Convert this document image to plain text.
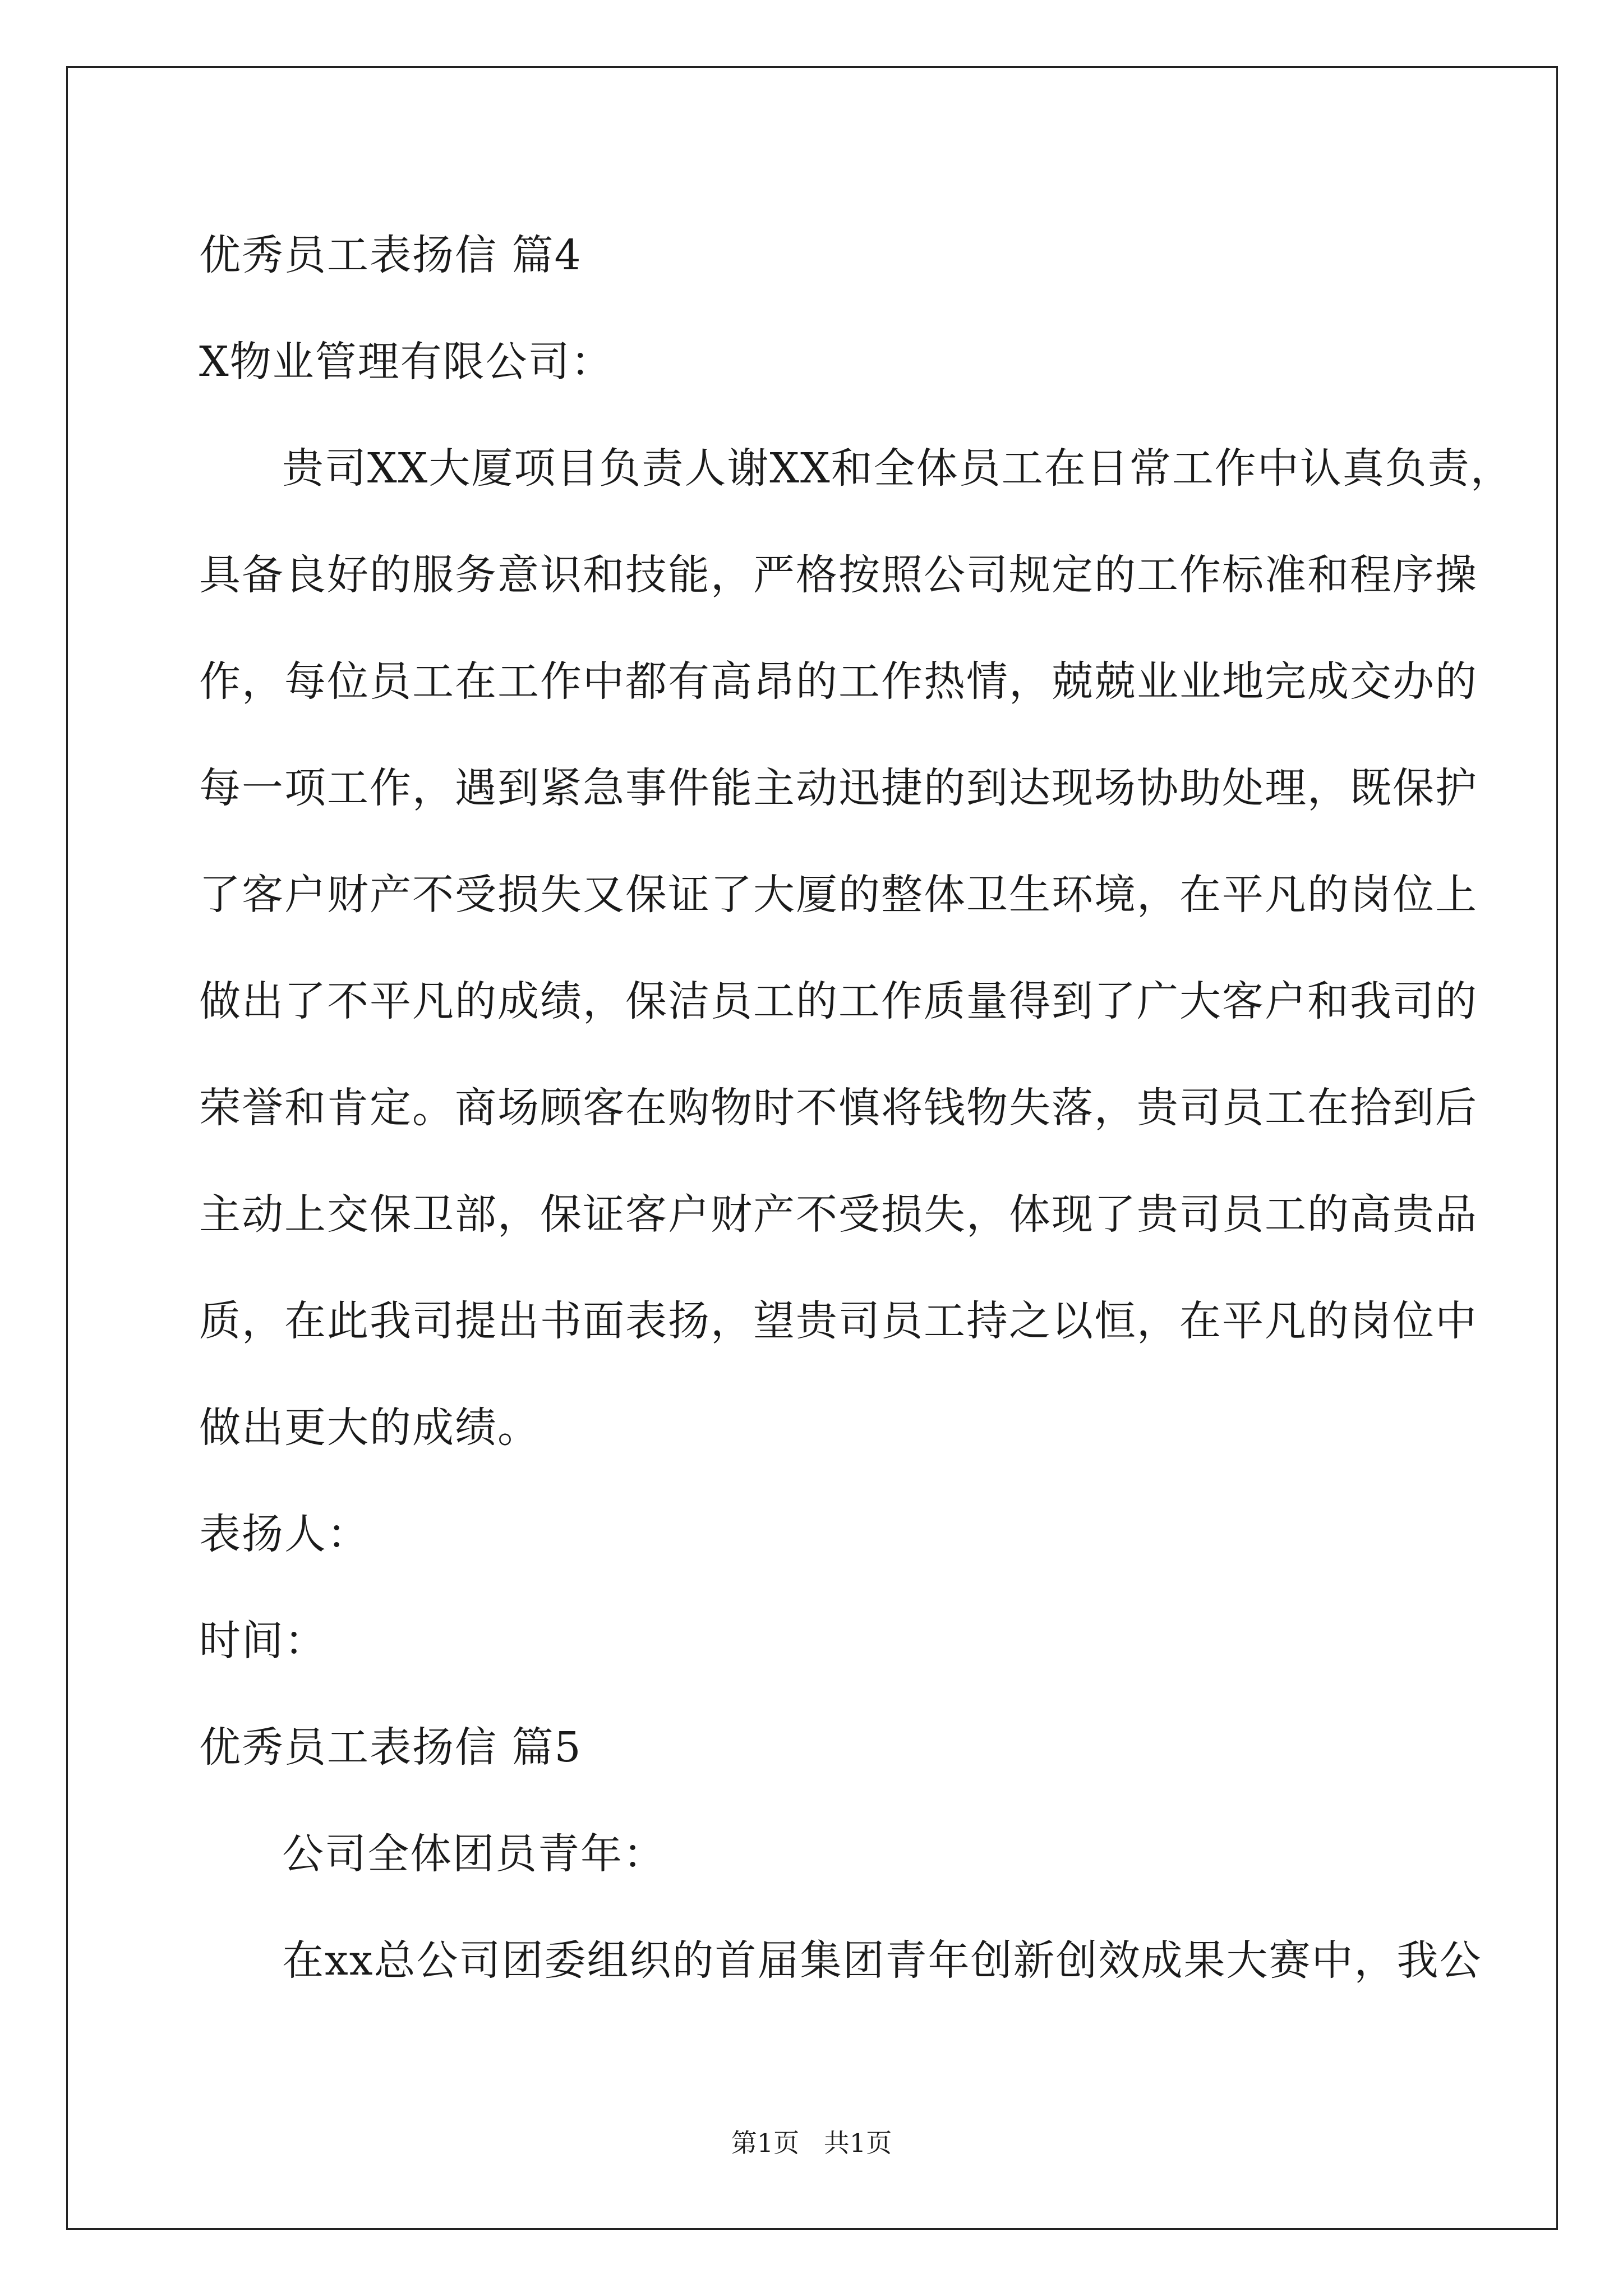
优秀员工表扬信 篇4
X物业管理有限公司：
贵司XX大厦项目负责人谢XX和全体员工在日常工作中认真负责，
具备良好的服务意识和技能，严格按照公司规定的工作标准和程序操
作，每位员工在工作中都有高昂的工作热情，兢兢业业地完成交办的
每一项工作，遇到紧急事件能主动迅捷的到达现场协助处理，既保护
了客户财产不受损失又保证了大厦的整体卫生环境，在平凡的岗位上
做出了不平凡的成绩，保洁员工的工作质量得到了广大客户和我司的
荣誉和肯定。商场顾客在购物时不慎将钱物失落，贵司员工在拾到后
主动上交保卫部，保证客户财产不受损失，体现了贵司员工的高贵品
质，在此我司提出书面表扬，望贵司员工持之以恒，在平凡的岗位中
做出更大的成绩。
表扬人：
时间：
优秀员工表扬信 篇5
公司全体团员青年：
在xx总公司团委组织的首届集团青年创新创效成果大赛中，我公
第1页   共1页
